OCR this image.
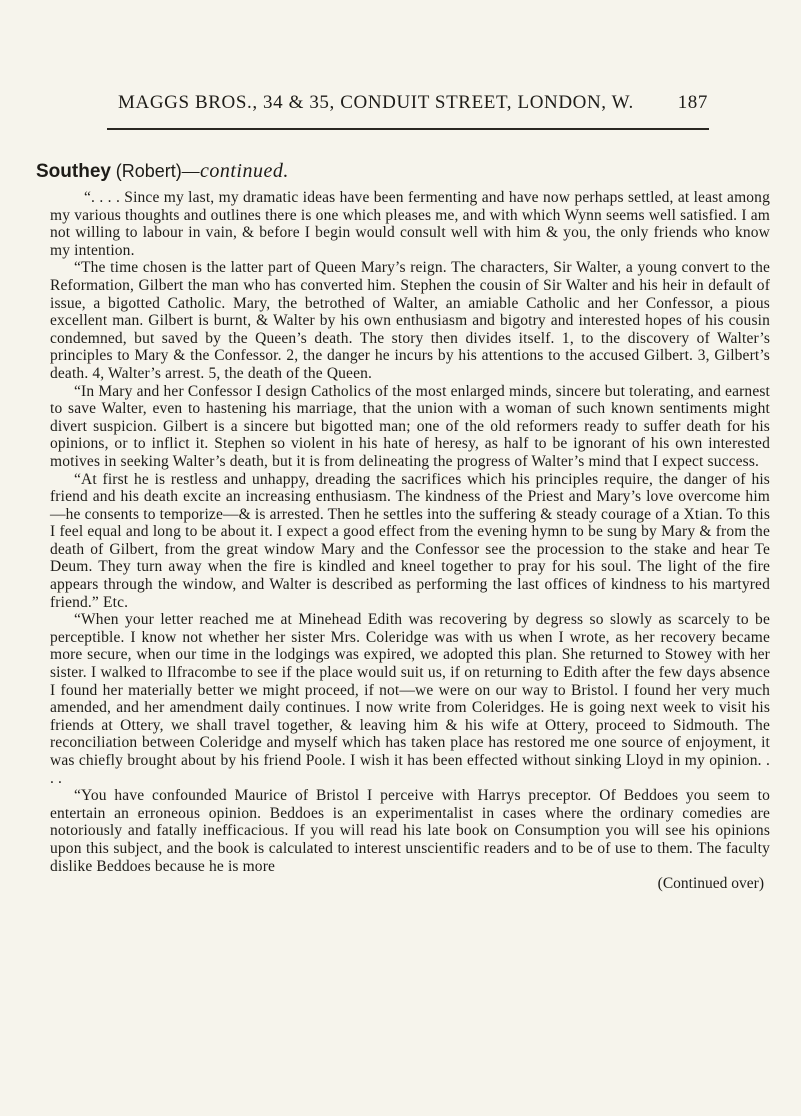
MAGGS BROS., 34 & 35, CONDUIT STREET, LONDON, W. 187
Southey (Robert)—continued.

“. . . . Since my last, my dramatic ideas have been fermenting and have now perhaps settled, at least among my various thoughts and outlines there is one which pleases me, and with which Wynn seems well satisfied. I am not willing to labour in vain, & before I begin would consult well with him & you, the only friends who know my intention.

“The time chosen is the latter part of Queen Mary’s reign. The characters, Sir Walter, a young convert to the Reformation, Gilbert the man who has converted him. Stephen the cousin of Sir Walter and his heir in default of issue, a bigotted Catholic. Mary, the betrothed of Walter, an amiable Catholic and her Confessor, a pious excellent man. Gilbert is burnt, & Walter by his own enthusiasm and bigotry and interested hopes of his cousin condemned, but saved by the Queen’s death. The story then divides itself. 1, to the discovery of Walter’s principles to Mary & the Confessor. 2, the danger he incurs by his attentions to the accused Gilbert. 3, Gilbert’s death. 4, Walter’s arrest. 5, the death of the Queen.

“In Mary and her Confessor I design Catholics of the most enlarged minds, sincere but tolerating, and earnest to save Walter, even to hastening his marriage, that the union with a woman of such known sentiments might divert suspicion. Gilbert is a sincere but bigotted man; one of the old reformers ready to suffer death for his opinions, or to inflict it. Stephen so violent in his hate of heresy, as half to be ignorant of his own interested motives in seeking Walter’s death, but it is from delineating the progress of Walter’s mind that I expect success.

“At first he is restless and unhappy, dreading the sacrifices which his principles require, the danger of his friend and his death excite an increasing enthusiasm. The kindness of the Priest and Mary’s love overcome him—he consents to temporize—& is arrested. Then he settles into the suffering & steady courage of a Xtian. To this I feel equal and long to be about it. I expect a good effect from the evening hymn to be sung by Mary & from the death of Gilbert, from the great window Mary and the Confessor see the procession to the stake and hear Te Deum. They turn away when the fire is kindled and kneel together to pray for his soul. The light of the fire appears through the window, and Walter is described as performing the last offices of kindness to his martyred friend.” Etc.

“When your letter reached me at Minehead Edith was recovering by degress so slowly as scarcely to be perceptible. I know not whether her sister Mrs. Coleridge was with us when I wrote, as her recovery became more secure, when our time in the lodgings was expired, we adopted this plan. She returned to Stowey with her sister. I walked to Ilfracombe to see if the place would suit us, if on returning to Edith after the few days absence I found her materially better we might proceed, if not—we were on our way to Bristol. I found her very much amended, and her amendment daily continues. I now write from Coleridges. He is going next week to visit his friends at Ottery, we shall travel together, & leaving him & his wife at Ottery, proceed to Sidmouth. The reconciliation between Coleridge and myself which has taken place has restored me one source of enjoyment, it was chiefly brought about by his friend Poole. I wish it has been effected without sinking Lloyd in my opinion. . . .

“You have confounded Maurice of Bristol I perceive with Harrys preceptor. Of Beddoes you seem to entertain an erroneous opinion. Beddoes is an experimentalist in cases where the ordinary comedies are notoriously and fatally inefficacious. If you will read his late book on Consumption you will see his opinions upon this subject, and the book is calculated to interest unscientific readers and to be of use to them. The faculty dislike Beddoes because he is more

(Continued over)
